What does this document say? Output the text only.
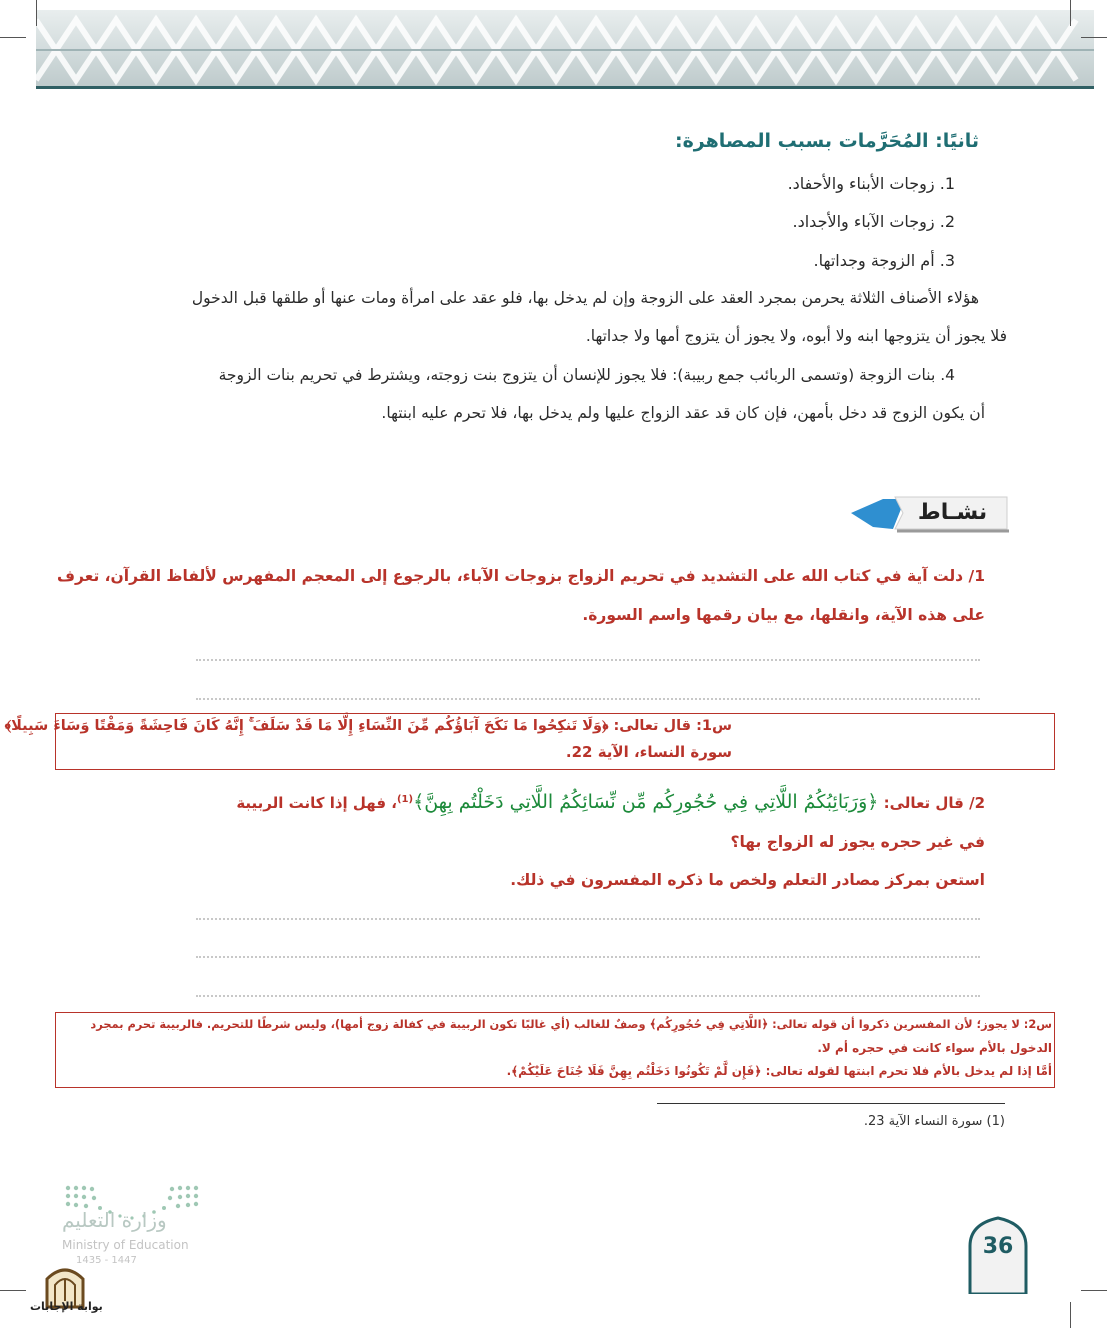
ثانيًا: المُحَرَّمات بسبب المصاهرة:
1. زوجات الأبناء والأحفاد.
2. زوجات الآباء والأجداد.
3. أم الزوجة وجداتها.
هؤلاء الأصناف الثلاثة يحرمن بمجرد العقد على الزوجة وإن لم يدخل بها، فلو عقد على امرأة ومات عنها أو طلقها قبل الدخول
فلا يجوز أن يتزوجها ابنه ولا أبوه، ولا يجوز أن يتزوج أمها ولا جداتها.
4. بنات الزوجة (وتسمى الربائب جمع ربيبة): فلا يجوز للإنسان أن يتزوج بنت زوجته، ويشترط في تحريم بنات الزوجة
أن يكون الزوج قد دخل بأمهن، فإن كان قد عقد الزواج عليها ولم يدخل بها، فلا تحرم عليه ابنتها.
نشـاط
1/ دلت آية في كتاب الله على التشديد في تحريم الزواج بزوجات الآباء، بالرجوع إلى المعجم المفهرس لألفاظ القرآن، تعرف
على هذه الآية، وانقلها، مع بيان رقمها واسم السورة.
س1: قال تعالى: ﴿وَلَا تَنكِحُوا مَا نَكَحَ آبَاؤُكُم مِّنَ النِّسَاءِ إِلَّا مَا قَدْ سَلَفَ ۚ إِنَّهُ كَانَ فَاحِشَةً وَمَقْتًا وَسَاءَ سَبِيلًا﴾
سورة النساء، الآية 22.
2/ قال تعالى: ﴿وَرَبَائِبُكُمُ اللَّاتِي فِي حُجُورِكُم مِّن نِّسَائِكُمُ اللَّاتِي دَخَلْتُم بِهِنَّ﴾$^{(1)}$، فهل إذا كانت الربيبة
في غير حجره يجوز له الزواج بها؟
استعن بمركز مصادر التعلم ولخص ما ذكره المفسرون في ذلك.
س2: لا يجوز؛ لأن المفسرين ذكروا أن قوله تعالى: ﴿اللَّاتِي فِي حُجُورِكُم﴾ وصفٌ للغالب (أي غالبًا تكون الربيبة في كفالة زوج أمها)، وليس شرطًا للتحريم. فالربيبة تحرم بمجرد
الدخول بالأم سواء كانت في حجره أم لا.
أمَّا إذا لم يدخل بالأم فلا تحرم ابنتها لقوله تعالى: ﴿فَإِن لَّمْ تَكُونُوا دَخَلْتُم بِهِنَّ فَلَا جُنَاحَ عَلَيْكُمْ﴾.
(1) سورة النساء الآية 23.
وزارة التعليم
Ministry of Education
1435 - 1447
بوابة الإجابات
36
